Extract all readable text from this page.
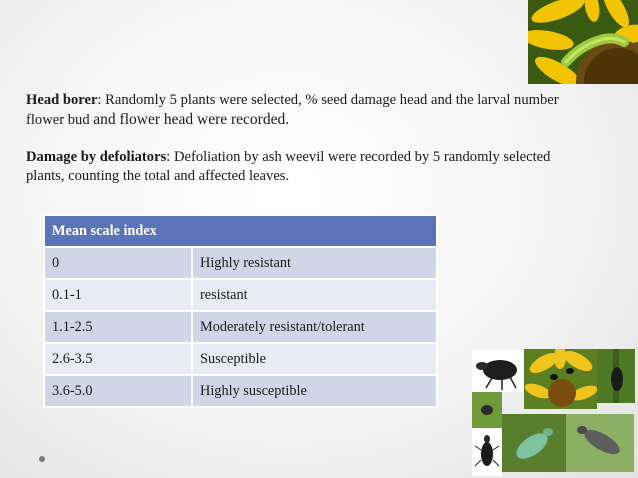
Head borer: Randomly 5 plants were selected, % seed damage head and the larval number flower bud and flower head were recorded.

Damage by defoliators: Defoliation by ash weevil were recorded by 5 randomly selected plants, counting the total and affected leaves.

Mean scale index	
0	Highly resistant
0.1-1	resistant
1.1-2.5	Moderately resistant/tolerant
2.6-3.5	Susceptible
3.6-5.0	Highly susceptible
